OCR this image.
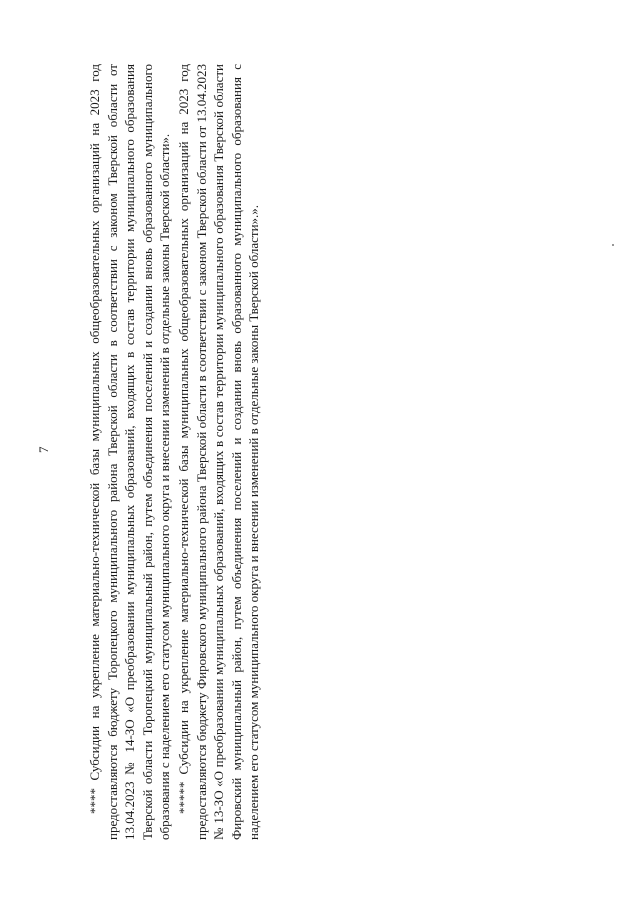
7	**** Субсидии на укрепление материально-технической базы муниципальных общеобразовательных организаций на 2023 год предоставляются бюджету Торопецкого муниципального района Тверской области в соответствии с законом Тверской области от 13.04.2023 № 14-ЗО «О преобразовании муниципальных образований, входящих в состав территории муниципального образования Тверской области Торопецкий муниципальный район, путем объединения поселений и создании вновь образованного муниципального образования с наделением его статусом муниципального округа и внесении изменений в отдельные законы Тверской области». ***** Субсидии на укрепление материально-технической базы муниципальных общеобразовательных организаций на 2023 год предоставляются бюджету Фировского муниципального района Тверской области в соответствии с законом Тверской области от 13.04.2023 № 13-ЗО «О преобразовании муниципальных образований, входящих в состав территории муниципального образования Тверской области Фировский муниципальный район, путем объединения поселений и создании вновь образованного муниципального образования с наделением его статусом муниципального округа и внесении изменений в отдельные законы Тверской области».».
